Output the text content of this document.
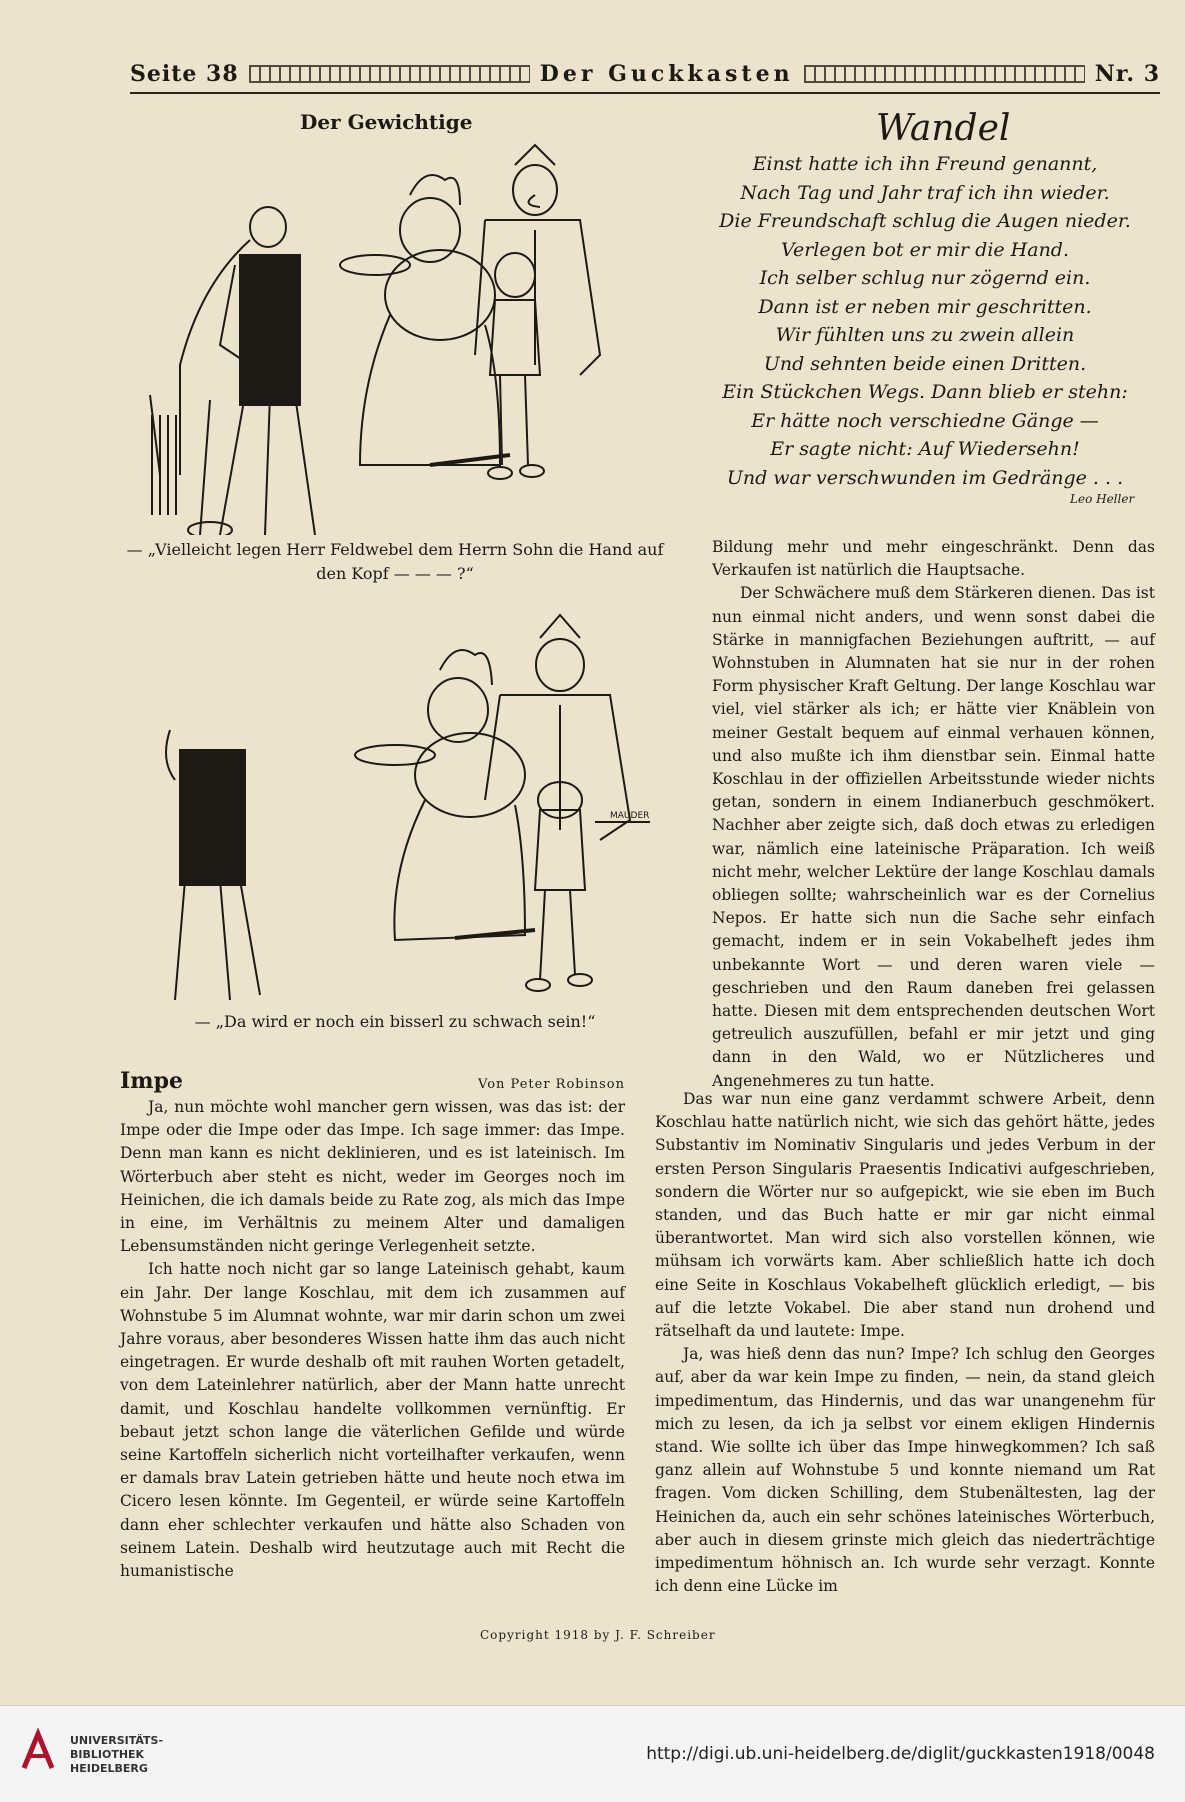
Seite 38	Der Guckkasten	Nr. 3
Der Gewichtige
— „Vielleicht legen Herr Feldwebel dem Herrn Sohn die Hand auf den Kopf — — — ?“
MAUDER
— „Da wird er noch ein bisserl zu schwach sein!“
Wandel
Einst hatte ich ihn Freund genannt,
Nach Tag und Jahr traf ich ihn wieder.
Die Freundschaft schlug die Augen nieder.
Verlegen bot er mir die Hand.
Ich selber schlug nur zögernd ein.
Dann ist er neben mir geschritten.
Wir fühlten uns zu zwein allein
Und sehnten beide einen Dritten.
Ein Stückchen Wegs. Dann blieb er stehn:
Er hätte noch verschiedne Gänge —
Er sagte nicht: Auf Wiedersehn!
Und war verschwunden im Gedränge . . .
Leo Heller

Bildung mehr und mehr eingeschränkt. Denn das Verkaufen ist natürlich die Hauptsache.

Der Schwächere muß dem Stärkeren dienen. Das ist nun einmal nicht anders, und wenn sonst dabei die Stärke in mannigfachen Beziehungen auftritt, — auf Wohnstuben in Alumnaten hat sie nur in der rohen Form physischer Kraft Geltung. Der lange Koschlau war viel, viel stärker als ich; er hätte vier Knäblein von meiner Gestalt bequem auf einmal verhauen können, und also mußte ich ihm dienstbar sein. Einmal hatte Koschlau in der offiziellen Arbeitsstunde wieder nichts getan, sondern in einem Indianerbuch geschmökert. Nachher aber zeigte sich, daß doch etwas zu erledigen war, nämlich eine lateinische Präparation. Ich weiß nicht mehr, welcher Lektüre der lange Koschlau damals obliegen sollte; wahrscheinlich war es der Cornelius Nepos. Er hatte sich nun die Sache sehr einfach gemacht, indem er in sein Vokabelheft jedes ihm unbekannte Wort — und deren waren viele — geschrieben und den Raum daneben frei gelassen hatte. Diesen mit dem entsprechenden deutschen Wort getreulich auszufüllen, befahl er mir jetzt und ging dann in den Wald, wo er Nützlicheres und Angenehmeres zu tun hatte.

Impe	Von Peter Robinson

Ja, nun möchte wohl mancher gern wissen, was das ist: der Impe oder die Impe oder das Impe. Ich sage immer: das Impe. Denn man kann es nicht deklinieren, und es ist lateinisch. Im Wörterbuch aber steht es nicht, weder im Georges noch im Heinichen, die ich damals beide zu Rate zog, als mich das Impe in eine, im Verhältnis zu meinem Alter und damaligen Lebensumständen nicht geringe Verlegenheit setzte.

Ich hatte noch nicht gar so lange Lateinisch gehabt, kaum ein Jahr. Der lange Koschlau, mit dem ich zusammen auf Wohnstube 5 im Alumnat wohnte, war mir darin schon um zwei Jahre voraus, aber besonderes Wissen hatte ihm das auch nicht eingetragen. Er wurde deshalb oft mit rauhen Worten getadelt, von dem Lateinlehrer natürlich, aber der Mann hatte unrecht damit, und Koschlau handelte vollkommen vernünftig. Er bebaut jetzt schon lange die väterlichen Gefilde und würde seine Kartoffeln sicherlich nicht vorteilhafter verkaufen, wenn er damals brav Latein getrieben hätte und heute noch etwa im Cicero lesen könnte. Im Gegenteil, er würde seine Kartoffeln dann eher schlechter verkaufen und hätte also Schaden von seinem Latein. Deshalb wird heutzutage auch mit Recht die humanistische

Das war nun eine ganz verdammt schwere Arbeit, denn Koschlau hatte natürlich nicht, wie sich das gehört hätte, jedes Substantiv im Nominativ Singularis und jedes Verbum in der ersten Person Singularis Praesentis Indicativi aufgeschrieben, sondern die Wörter nur so aufgepickt, wie sie eben im Buch standen, und das Buch hatte er mir gar nicht einmal überantwortet. Man wird sich also vorstellen können, wie mühsam ich vorwärts kam. Aber schließlich hatte ich doch eine Seite in Koschlaus Vokabelheft glücklich erledigt, — bis auf die letzte Vokabel. Die aber stand nun drohend und rätselhaft da und lautete: Impe.

Ja, was hieß denn das nun? Impe? Ich schlug den Georges auf, aber da war kein Impe zu finden, — nein, da stand gleich impedimentum, das Hindernis, und das war unangenehm für mich zu lesen, da ich ja selbst vor einem ekligen Hindernis stand. Wie sollte ich über das Impe hinwegkommen? Ich saß ganz allein auf Wohnstube 5 und konnte niemand um Rat fragen. Vom dicken Schilling, dem Stubenältesten, lag der Heinichen da, auch ein sehr schönes lateinisches Wörterbuch, aber auch in diesem grinste mich gleich das niederträchtige impedimentum höhnisch an. Ich wurde sehr verzagt. Konnte ich denn eine Lücke im

Copyright 1918 by J. F. Schreiber
UNIVERSITÄTS-
BIBLIOTHEK
HEIDELBERG
http://digi.ub.uni-heidelberg.de/diglit/guckkasten1918/0048
